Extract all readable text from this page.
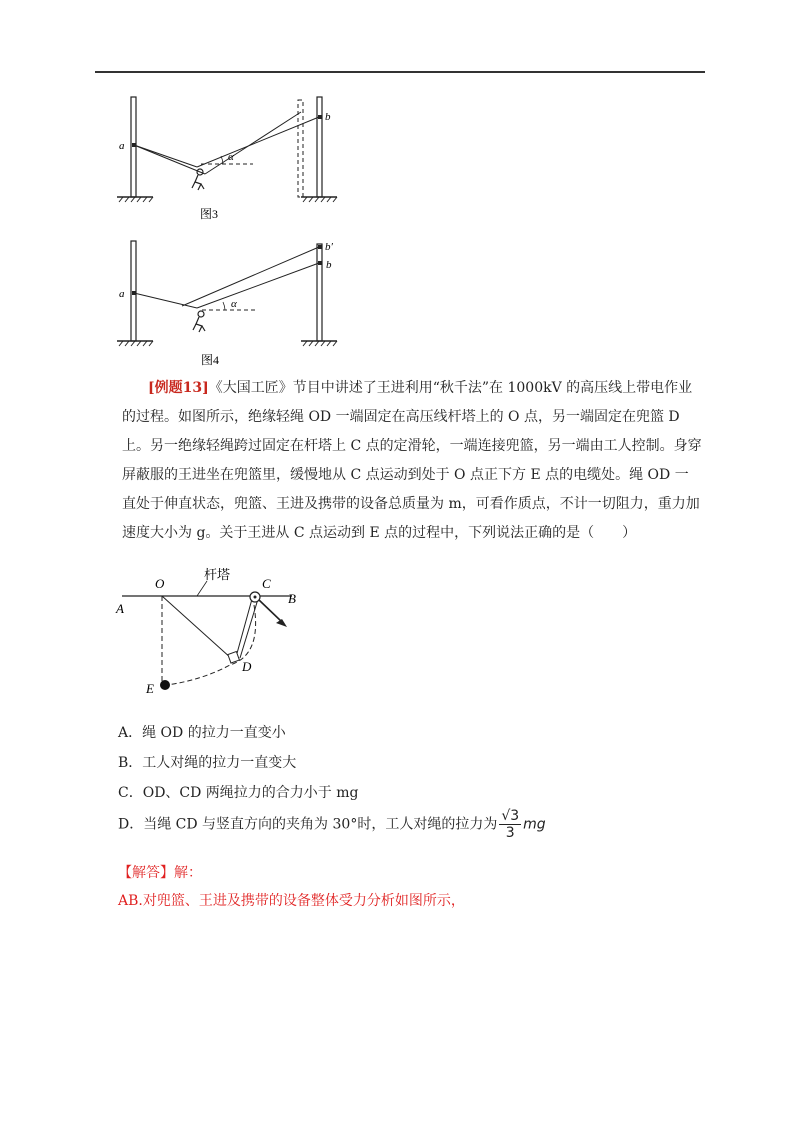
a
b
α
图3
a
b′
b
α
图4
[例题13]《大国工匠》节目中讲述了王进利用“秋千法”在 1000kV 的高压线上带电作业的过程。如图所示，绝缘轻绳 OD 一端固定在高压线杆塔上的 O 点，另一端固定在兜篮 D 上。另一绝缘轻绳跨过固定在杆塔上 C 点的定滑轮，一端连接兜篮，另一端由工人控制。身穿屏蔽服的王进坐在兜篮里，缓慢地从 C 点运动到处于 O 点正下方 E 点的电缆处。绳 OD 一直处于伸直状态，兜篮、王进及携带的设备总质量为 m，可看作质点，不计一切阻力，重力加速度大小为 g。关于王进从 C 点运动到 E 点的过程中，下列说法正确的是（　　）
O
杆塔
C
A
B
D
E
A．绳 OD 的拉力一直变小
B．工人对绳的拉力一直变大
C．OD、CD 两绳拉力的合力小于 mg
D．当绳 CD 与竖直方向的夹角为 30°时，工人对绳的拉力为 $\frac{√3}{3}$ mg
【解答】解：
AB.对兜篮、王进及携带的设备整体受力分析如图所示，
